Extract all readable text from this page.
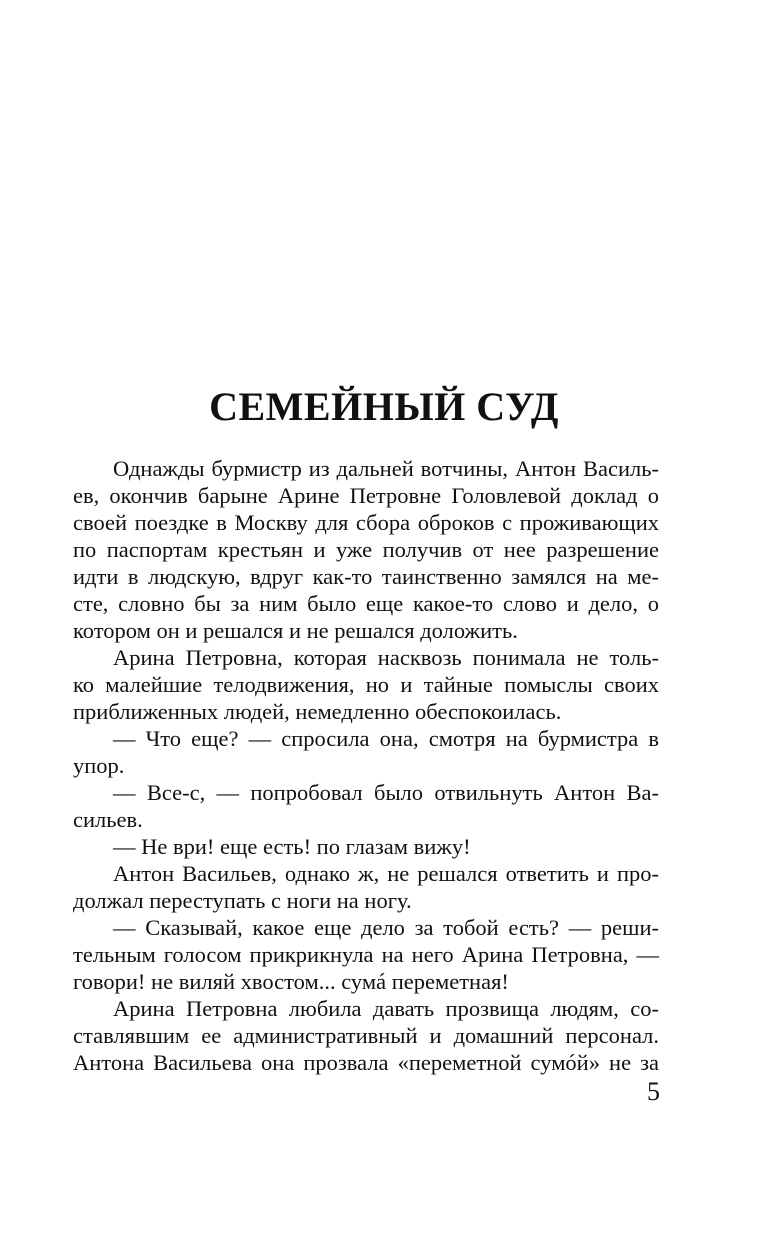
СЕМЕЙНЫЙ СУД
Однажды бурмистр из дальней вотчины, Антон Василь-
ев, окончив барыне Арине Петровне Головлевой доклад о
своей поездке в Москву для сбора оброков с проживающих
по паспортам крестьян и уже получив от нее разрешение
идти в людскую, вдруг как-то таинственно замялся на ме-
сте, словно бы за ним было еще какое-то слово и дело, о
котором он и решался и не решался доложить.
Арина Петровна, которая насквозь понимала не толь-
ко малейшие телодвижения, но и тайные помыслы своих
приближенных людей, немедленно обеспокоилась.
— Что еще? — спросила она, смотря на бурмистра в
упор.
— Все-с, — попробовал было отвильнуть Антон Ва-
сильев.
— Не ври! еще есть! по глазам вижу!
Антон Васильев, однако ж, не решался ответить и про-
должал переступать с ноги на ногу.
— Сказывай, какое еще дело за тобой есть? — реши-
тельным голосом прикрикнула на него Арина Петровна, —
говори! не виляй хвостом... сумá переметная!
Арина Петровна любила давать прозвища людям, со-
ставлявшим ее административный и домашний персонал.
Антона Васильева она прозвала «переметной сумóй» не за
5
